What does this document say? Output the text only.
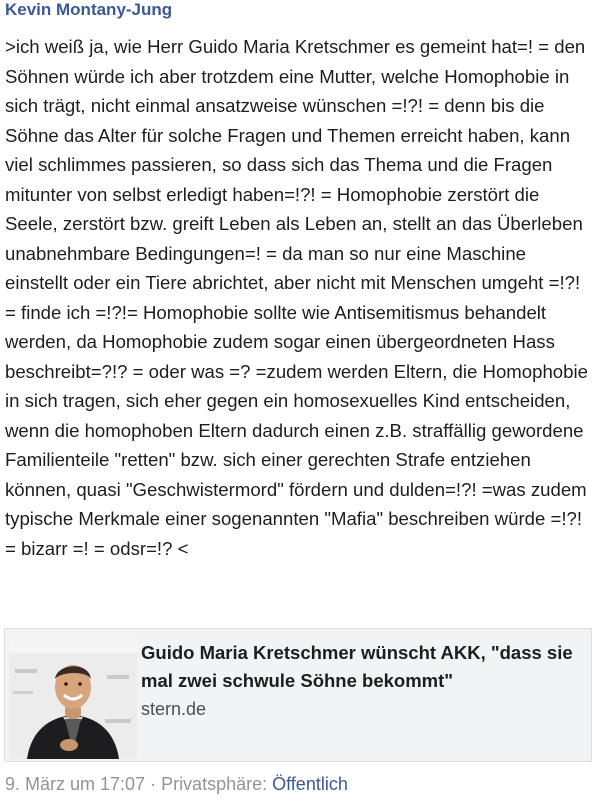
Kevin Montany-Jung
>ich weiß ja, wie Herr Guido Maria Kretschmer es gemeint hat=! = den Söhnen würde ich aber trotzdem eine Mutter, welche Homophobie in sich trägt, nicht einmal ansatzweise wünschen =!?! = denn bis die Söhne das Alter für solche Fragen und Themen erreicht haben, kann viel schlimmes passieren, so dass sich das Thema und die Fragen mitunter von selbst erledigt haben=!?! = Homophobie zerstört die Seele, zerstört bzw. greift Leben als Leben an, stellt an das Überleben unabnehmbare Bedingungen=! = da man so nur eine Maschine einstellt oder ein Tiere abrichtet, aber nicht mit Menschen umgeht =!?! = finde ich =!?!= Homophobie sollte wie Antisemitismus behandelt werden, da Homophobie zudem sogar einen übergeordneten Hass beschreibt=?!? = oder was =? =zudem werden Eltern, die Homophobie in sich tragen, sich eher gegen ein homosexuelles Kind entscheiden, wenn die homophoben Eltern dadurch einen z.B. straffällig gewordene Familienteile "retten" bzw. sich einer gerechten Strafe entziehen können, quasi "Geschwistermord" fördern und dulden=!?! =was zudem typische Merkmale einer sogenannten "Mafia" beschreiben würde =!?! = bizarr =! = odsr=!? <
Guido Maria Kretschmer wünscht AKK, "dass sie mal zwei schwule Söhne bekommt"
stern.de
9. März um 17:07 · Privatsphäre: Öffentlich
